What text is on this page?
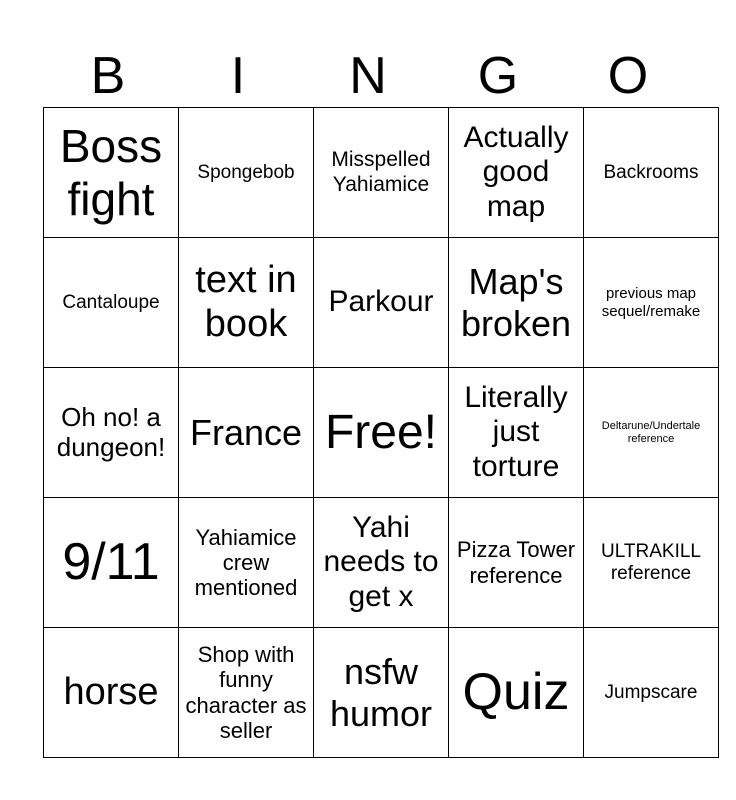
B	I	N	G	O
Boss fight	Spongebob	Misspelled Yahiamice	Actually good map	Backrooms
Cantaloupe	text in book	Parkour	Map's broken	previous map sequel/remake
Oh no! a dungeon!	France	Free!	Literally just torture	Deltarune/Undertale reference
9/11	Yahiamice crew mentioned	Yahi needs to get x	Pizza Tower reference	ULTRAKILL reference
horse	Shop with funny character as seller	nsfw humor	Quiz	Jumpscare
